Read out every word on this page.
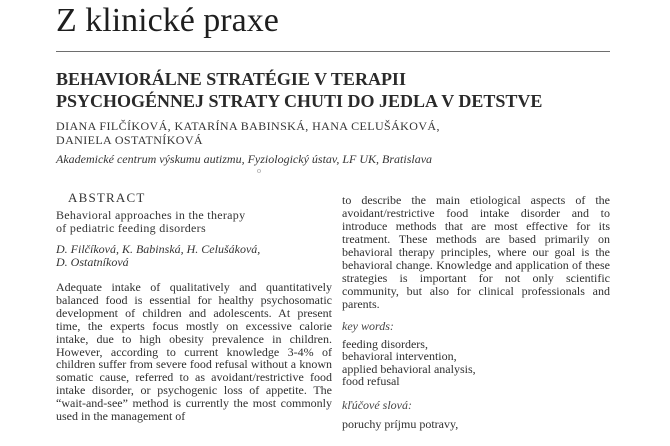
Z klinické praxe
BEHAVIORÁLNE STRATÉGIE V TERAPII
PSYCHOGÉNNEJ STRATY CHUTI DO JEDLA V DETSTVE
DIANA FILČÍKOVÁ, KATARÍNA BABINSKÁ, HANA CELUŠÁKOVÁ,
DANIELA OSTATNÍKOVÁ
Akademické centrum výskumu autizmu, Fyziologický ústav, LF UK, Bratislava
o
ABSTRACT
Behavioral approaches in the therapy
of pediatric feeding disorders
D. Filčíková, K. Babinská, H. Celušáková,
D. Ostatníková

Adequate intake of qualitatively and quantitatively balanced food is essential for healthy psychosomatic development of children and adolescents. At present time, the experts focus mostly on excessive calorie intake, due to high obesity prevalence in children. However, according to current knowledge 3-4% of children suffer from severe food refusal without a known somatic cause, referred to as avoidant/restrictive food intake disorder, or psychogenic loss of appetite. The “wait-and-see” method is currently the most commonly used in the management of

to describe the main etiological aspects of the avoidant/restrictive food intake disorder and to introduce methods that are most effective for its treatment. These methods are based primarily on behavioral therapy principles, where our goal is the behavioral change. Knowledge and application of these strategies is important for not only scientific community, but also for clinical professionals and parents.

key words:
feeding disorders,
behavioral intervention,
applied behavioral analysis,
food refusal
kľúčové slová:
poruchy príjmu potravy,
